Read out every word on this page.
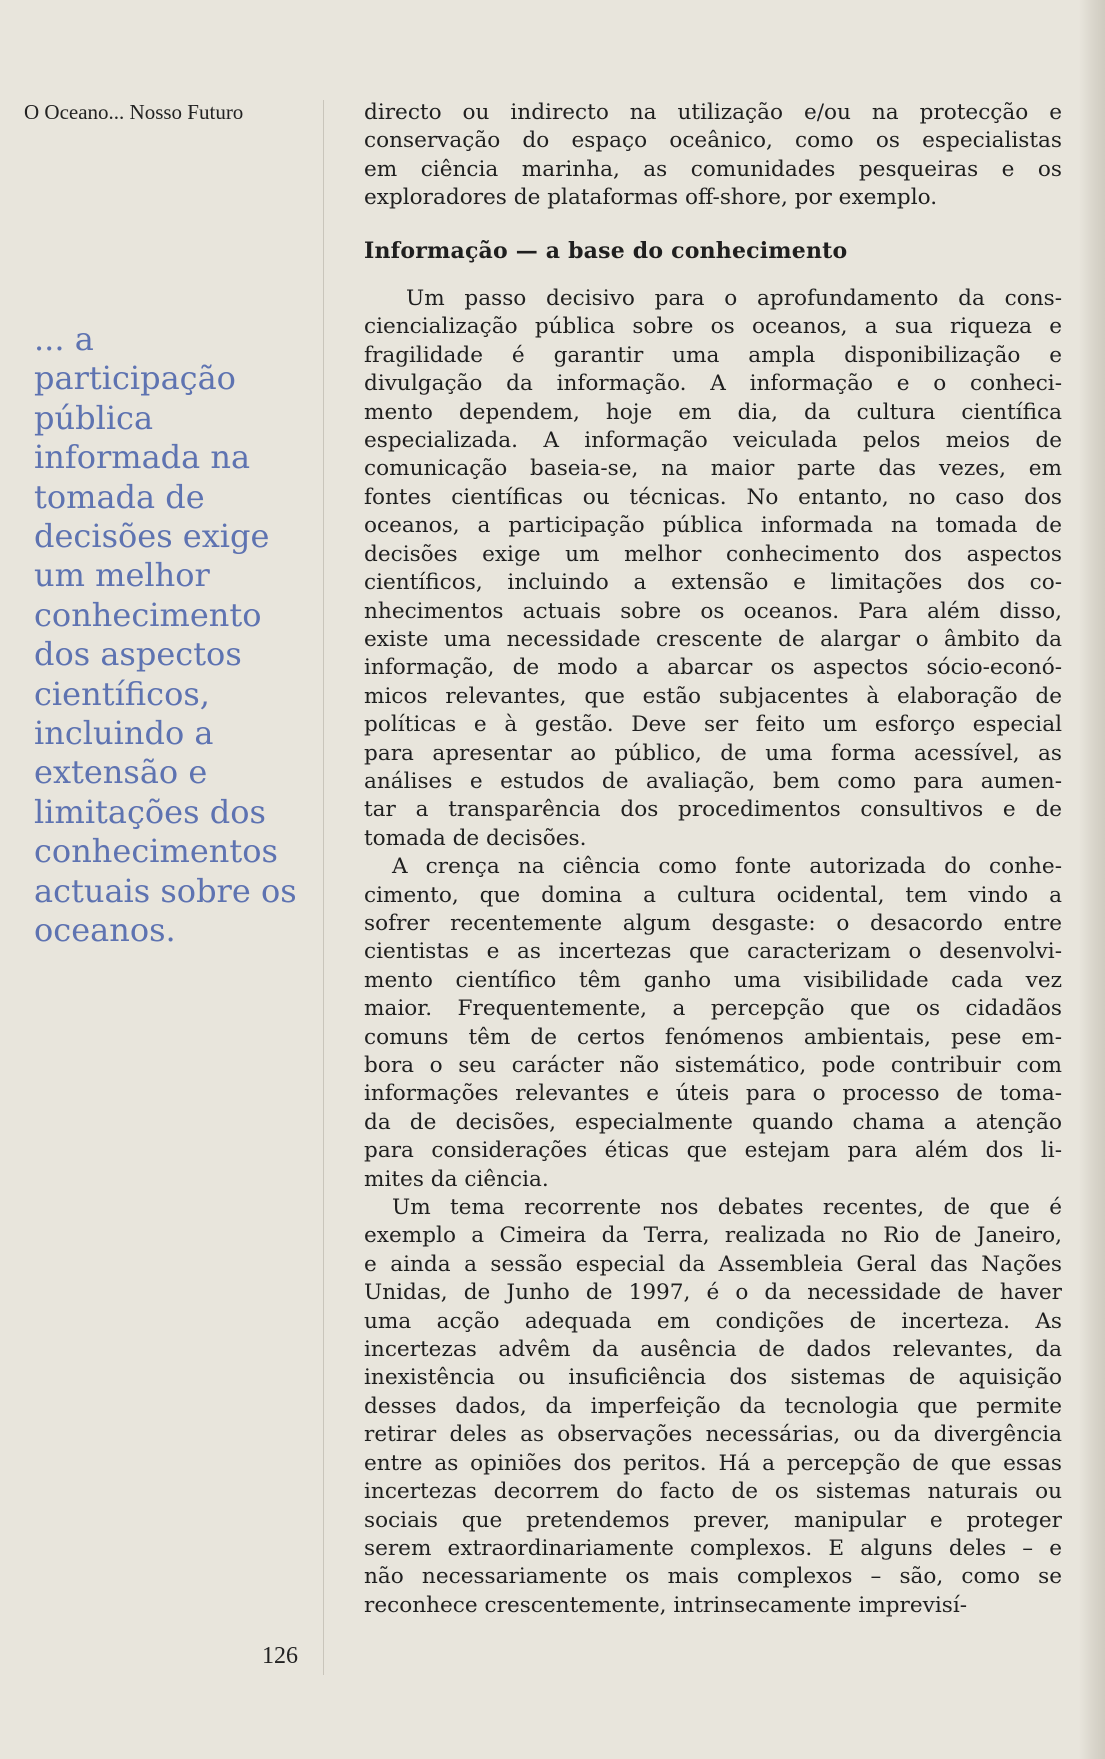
O Oceano... Nosso Futuro
... a
participação
pública
informada na
tomada de
decisões exige
um melhor
conhecimento
dos aspectos
científicos,
incluindo a
extensão e
limitações dos
conhecimentos
actuais sobre os
oceanos.
126
directo ou indirecto na utilização e/ou na protecção e
conservação do espaço oceânico, como os especialistas
em ciência marinha, as comunidades pesqueiras e os
exploradores de plataformas off-shore, por exemplo.
Informação — a base do conhecimento
Um passo decisivo para o aprofundamento da cons-
ciencialização pública sobre os oceanos, a sua riqueza e
fragilidade é garantir uma ampla disponibilização e
divulgação da informação. A informação e o conheci-
mento dependem, hoje em dia, da cultura científica
especializada. A informação veiculada pelos meios de
comunicação baseia-se, na maior parte das vezes, em
fontes científicas ou técnicas. No entanto, no caso dos
oceanos, a participação pública informada na tomada de
decisões exige um melhor conhecimento dos aspectos
científicos, incluindo a extensão e limitações dos co-
nhecimentos actuais sobre os oceanos. Para além disso,
existe uma necessidade crescente de alargar o âmbito da
informação, de modo a abarcar os aspectos sócio-econó-
micos relevantes, que estão subjacentes à elaboração de
políticas e à gestão. Deve ser feito um esforço especial
para apresentar ao público, de uma forma acessível, as
análises e estudos de avaliação, bem como para aumen-
tar a transparência dos procedimentos consultivos e de
tomada de decisões.
A crença na ciência como fonte autorizada do conhe-
cimento, que domina a cultura ocidental, tem vindo a
sofrer recentemente algum desgaste: o desacordo entre
cientistas e as incertezas que caracterizam o desenvolvi-
mento científico têm ganho uma visibilidade cada vez
maior. Frequentemente, a percepção que os cidadãos
comuns têm de certos fenómenos ambientais, pese em-
bora o seu carácter não sistemático, pode contribuir com
informações relevantes e úteis para o processo de toma-
da de decisões, especialmente quando chama a atenção
para considerações éticas que estejam para além dos li-
mites da ciência.
Um tema recorrente nos debates recentes, de que é
exemplo a Cimeira da Terra, realizada no Rio de Janeiro,
e ainda a sessão especial da Assembleia Geral das Nações
Unidas, de Junho de 1997, é o da necessidade de haver
uma acção adequada em condições de incerteza. As
incertezas advêm da ausência de dados relevantes, da
inexistência ou insuficiência dos sistemas de aquisição
desses dados, da imperfeição da tecnologia que permite
retirar deles as observações necessárias, ou da divergência
entre as opiniões dos peritos. Há a percepção de que essas
incertezas decorrem do facto de os sistemas naturais ou
sociais que pretendemos prever, manipular e proteger
serem extraordinariamente complexos. E alguns deles – e
não necessariamente os mais complexos – são, como se
reconhece crescentemente, intrinsecamente imprevisí-
